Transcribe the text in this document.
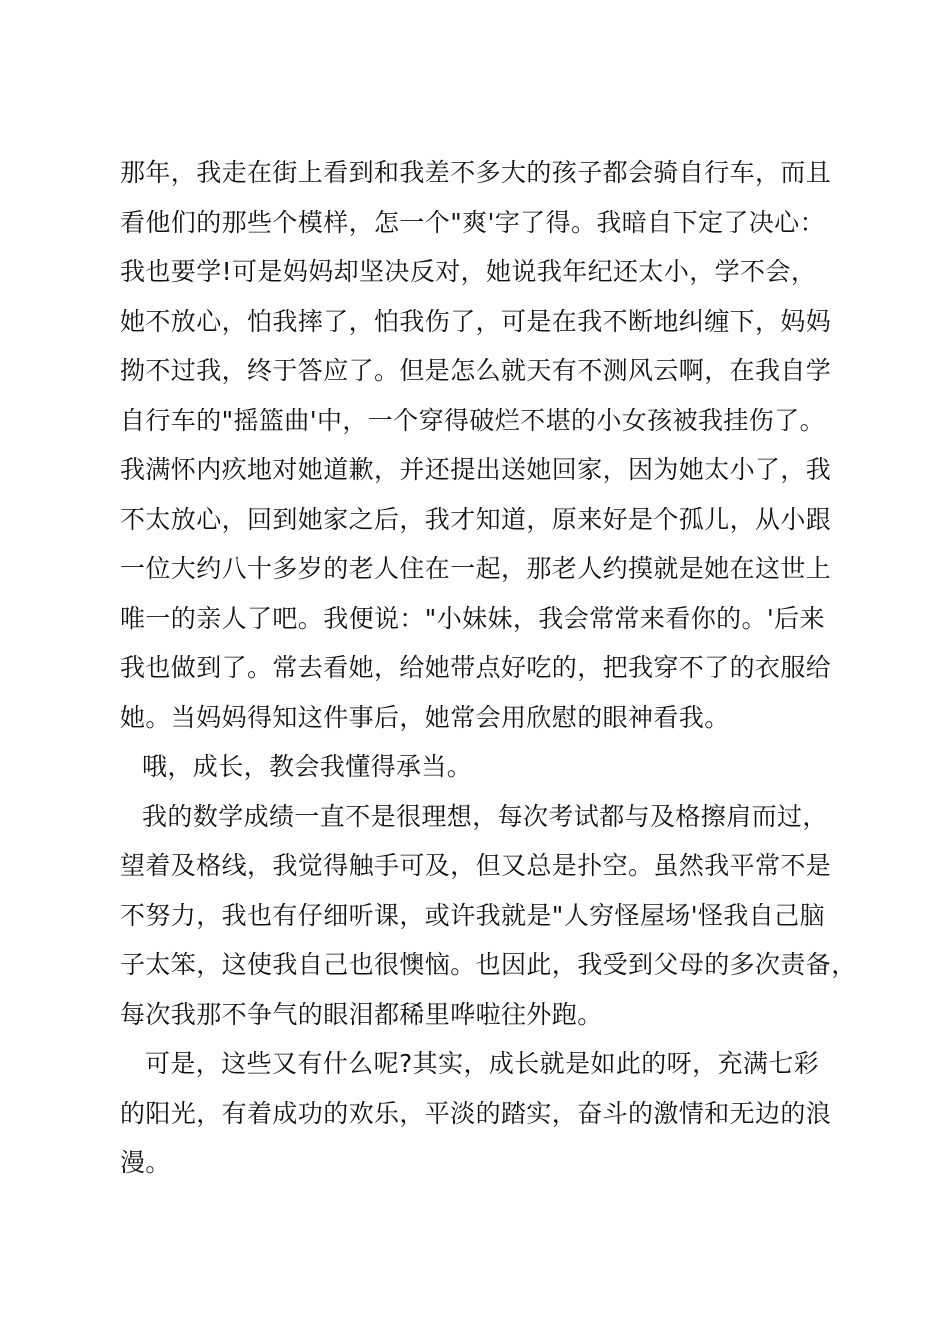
那年，我走在街上看到和我差不多大的孩子都会骑自行车，而且
看他们的那些个模样，怎一个"爽'字了得。我暗自下定了决心：
我也要学!可是妈妈却坚决反对，她说我年纪还太小，学不会，
她不放心，怕我摔了，怕我伤了，可是在我不断地纠缠下，妈妈
拗不过我，终于答应了。但是怎么就天有不测风云啊，在我自学
自行车的"摇篮曲'中，一个穿得破烂不堪的小女孩被我挂伤了。
我满怀内疚地对她道歉，并还提出送她回家，因为她太小了，我
不太放心，回到她家之后，我才知道，原来好是个孤儿，从小跟
一位大约八十多岁的老人住在一起，那老人约摸就是她在这世上
唯一的亲人了吧。我便说："小妹妹，我会常常来看你的。'后来
我也做到了。常去看她，给她带点好吃的，把我穿不了的衣服给
她。当妈妈得知这件事后，她常会用欣慰的眼神看我。
哦，成长，教会我懂得承当。
我的数学成绩一直不是很理想，每次考试都与及格擦肩而过，
望着及格线，我觉得触手可及，但又总是扑空。虽然我平常不是
不努力，我也有仔细听课，或许我就是"人穷怪屋场'怪我自己脑
子太笨，这使我自己也很懊恼。也因此，我受到父母的多次责备，
每次我那不争气的眼泪都稀里哗啦往外跑。
可是，这些又有什么呢?其实，成长就是如此的呀，充满七彩
的阳光，有着成功的欢乐，平淡的踏实，奋斗的激情和无边的浪
漫。
